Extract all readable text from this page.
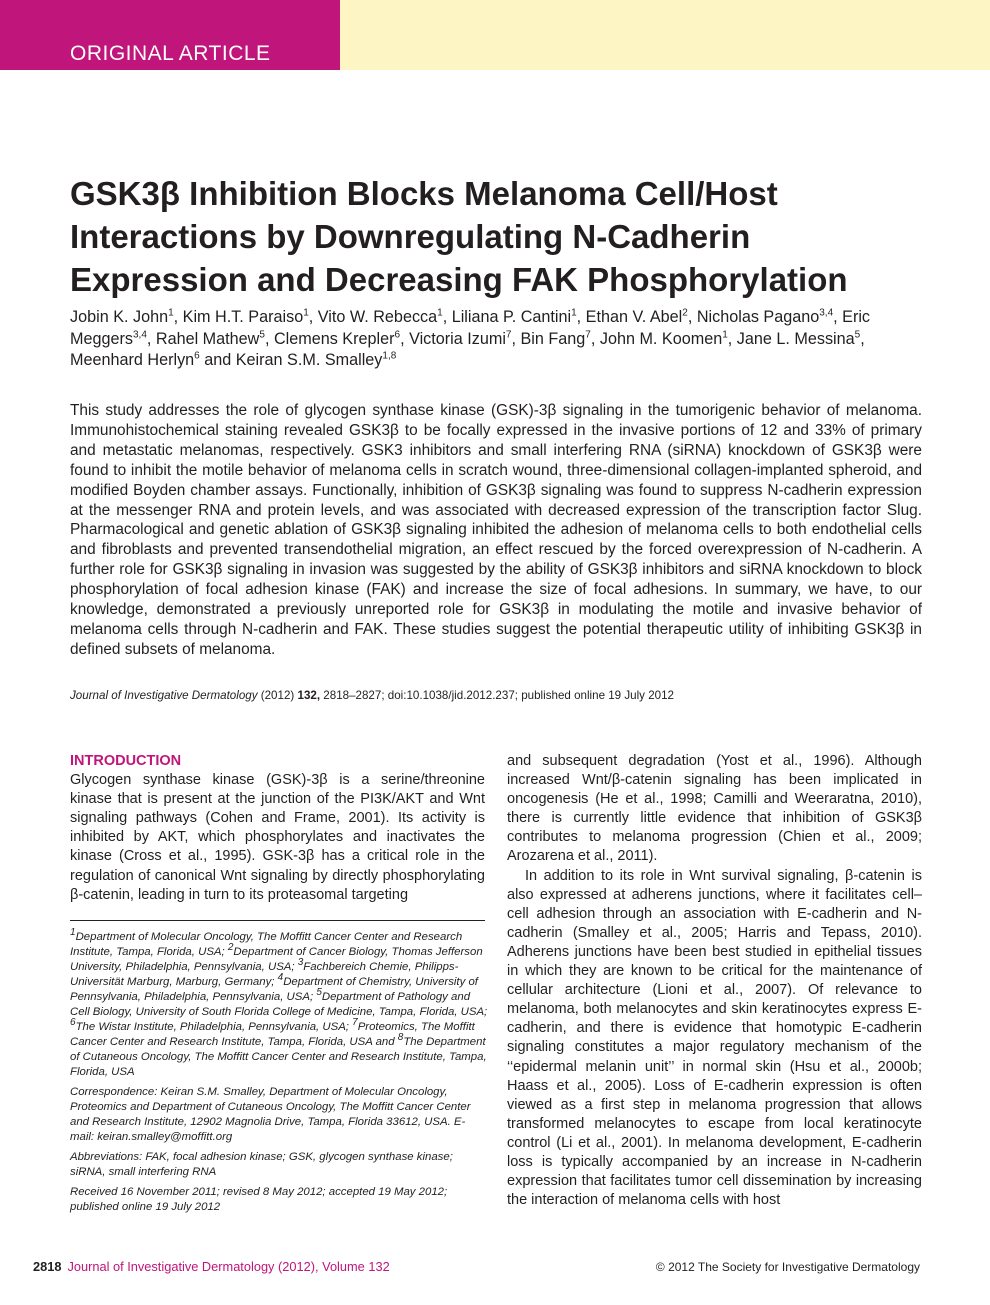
ORIGINAL ARTICLE
GSK3β Inhibition Blocks Melanoma Cell/Host Interactions by Downregulating N-Cadherin Expression and Decreasing FAK Phosphorylation
Jobin K. John$^1$, Kim H.T. Paraiso$^1$, Vito W. Rebecca$^1$, Liliana P. Cantini$^1$, Ethan V. Abel$^2$, Nicholas Pagano$^{3,4}$, Eric Meggers$^{3,4}$, Rahel Mathew$^5$, Clemens Krepler$^6$, Victoria Izumi$^7$, Bin Fang$^7$, John M. Koomen$^1$, Jane L. Messina$^5$, Meenhard Herlyn$^6$ and Keiran S.M. Smalley$^{1,8}$

This study addresses the role of glycogen synthase kinase (GSK)-3β signaling in the tumorigenic behavior of melanoma. Immunohistochemical staining revealed GSK3β to be focally expressed in the invasive portions of 12 and 33% of primary and metastatic melanomas, respectively. GSK3 inhibitors and small interfering RNA (siRNA) knockdown of GSK3β were found to inhibit the motile behavior of melanoma cells in scratch wound, three-dimensional collagen-implanted spheroid, and modified Boyden chamber assays. Functionally, inhibition of GSK3β signaling was found to suppress N-cadherin expression at the messenger RNA and protein levels, and was associated with decreased expression of the transcription factor Slug. Pharmacological and genetic ablation of GSK3β signaling inhibited the adhesion of melanoma cells to both endothelial cells and fibroblasts and prevented transendothelial migration, an effect rescued by the forced overexpression of N-cadherin. A further role for GSK3β signaling in invasion was suggested by the ability of GSK3β inhibitors and siRNA knockdown to block phosphorylation of focal adhesion kinase (FAK) and increase the size of focal adhesions. In summary, we have, to our knowledge, demonstrated a previously unreported role for GSK3β in modulating the motile and invasive behavior of melanoma cells through N-cadherin and FAK. These studies suggest the potential therapeutic utility of inhibiting GSK3β in defined subsets of melanoma.

Journal of Investigative Dermatology (2012) 132, 2818–2827; doi:10.1038/jid.2012.237; published online 19 July 2012

INTRODUCTION

Glycogen synthase kinase (GSK)-3β is a serine/threonine kinase that is present at the junction of the PI3K/AKT and Wnt signaling pathways (Cohen and Frame, 2001). Its activity is inhibited by AKT, which phosphorylates and inactivates the kinase (Cross et al., 1995). GSK-3β has a critical role in the regulation of canonical Wnt signaling by directly phosphorylating β-catenin, leading in turn to its proteasomal targeting

$^1$Department of Molecular Oncology, The Moffitt Cancer Center and Research Institute, Tampa, Florida, USA; $^2$Department of Cancer Biology, Thomas Jefferson University, Philadelphia, Pennsylvania, USA; $^3$Fachbereich Chemie, Philipps-Universität Marburg, Marburg, Germany; $^4$Department of Chemistry, University of Pennsylvania, Philadelphia, Pennsylvania, USA; $^5$Department of Pathology and Cell Biology, University of South Florida College of Medicine, Tampa, Florida, USA; $^6$The Wistar Institute, Philadelphia, Pennsylvania, USA; $^7$Proteomics, The Moffitt Cancer Center and Research Institute, Tampa, Florida, USA and $^8$The Department of Cutaneous Oncology, The Moffitt Cancer Center and Research Institute, Tampa, Florida, USA

Correspondence: Keiran S.M. Smalley, Department of Molecular Oncology, Proteomics and Department of Cutaneous Oncology, The Moffitt Cancer Center and Research Institute, 12902 Magnolia Drive, Tampa, Florida 33612, USA. E-mail: keiran.smalley@moffitt.org

Abbreviations: FAK, focal adhesion kinase; GSK, glycogen synthase kinase; siRNA, small interfering RNA

Received 16 November 2011; revised 8 May 2012; accepted 19 May 2012; published online 19 July 2012

and subsequent degradation (Yost et al., 1996). Although increased Wnt/β-catenin signaling has been implicated in oncogenesis (He et al., 1998; Camilli and Weeraratna, 2010), there is currently little evidence that inhibition of GSK3β contributes to melanoma progression (Chien et al., 2009; Arozarena et al., 2011).

In addition to its role in Wnt survival signaling, β-catenin is also expressed at adherens junctions, where it facilitates cell–cell adhesion through an association with E-cadherin and N-cadherin (Smalley et al., 2005; Harris and Tepass, 2010). Adherens junctions have been best studied in epithelial tissues in which they are known to be critical for the maintenance of cellular architecture (Lioni et al., 2007). Of relevance to melanoma, both melanocytes and skin keratinocytes express E-cadherin, and there is evidence that homotypic E-cadherin signaling constitutes a major regulatory mechanism of the ‘‘epidermal melanin unit’’ in normal skin (Hsu et al., 2000b; Haass et al., 2005). Loss of E-cadherin expression is often viewed as a first step in melanoma progression that allows transformed melanocytes to escape from local keratinocyte control (Li et al., 2001). In melanoma development, E-cadherin loss is typically accompanied by an increase in N-cadherin expression that facilitates tumor cell dissemination by increasing the interaction of melanoma cells with host

2818 Journal of Investigative Dermatology (2012), Volume 132	© 2012 The Society for Investigative Dermatology
